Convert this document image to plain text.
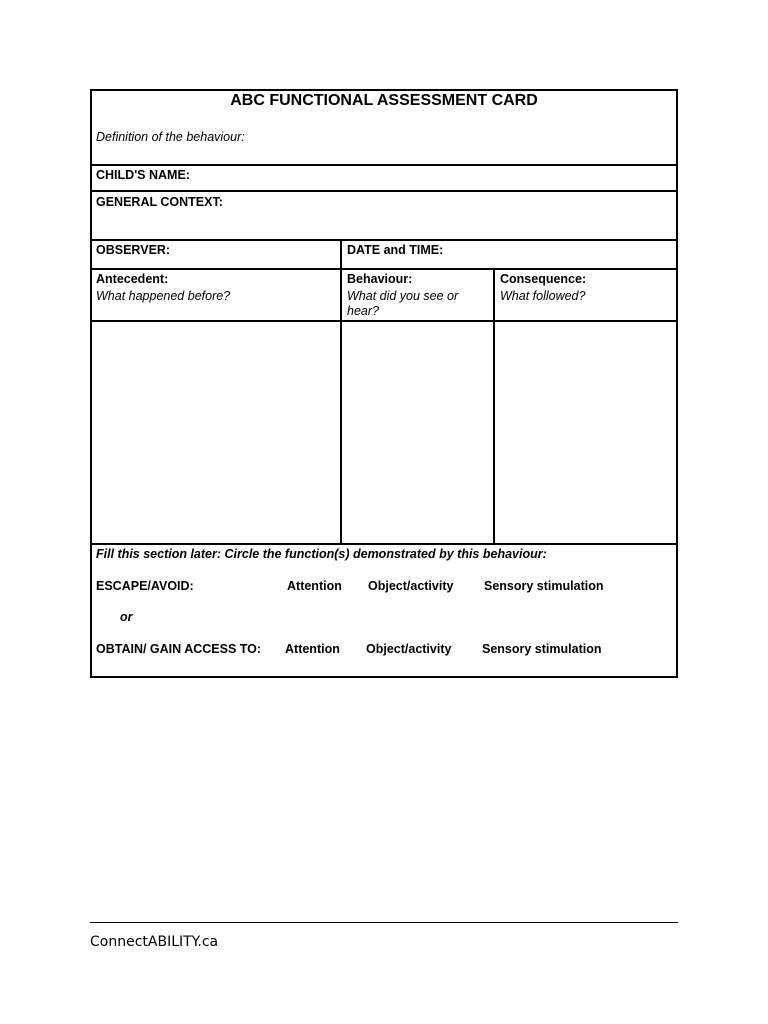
ABC FUNCTIONAL ASSESSMENT CARD
Definition of the behaviour:
CHILD'S NAME:
GENERAL CONTEXT:
OBSERVER:	DATE and TIME:
Antecedent:
What happened before?
Behaviour:
What did you see or hear?
Consequence:
What followed?
Fill this section later: Circle the function(s) demonstrated by this behaviour:
ESCAPE/AVOID:	Attention Object/activity Sensory stimulation
or
OBTAIN/ GAIN ACCESS TO: Attention Object/activity Sensory stimulation
ConnectABILITY.ca
